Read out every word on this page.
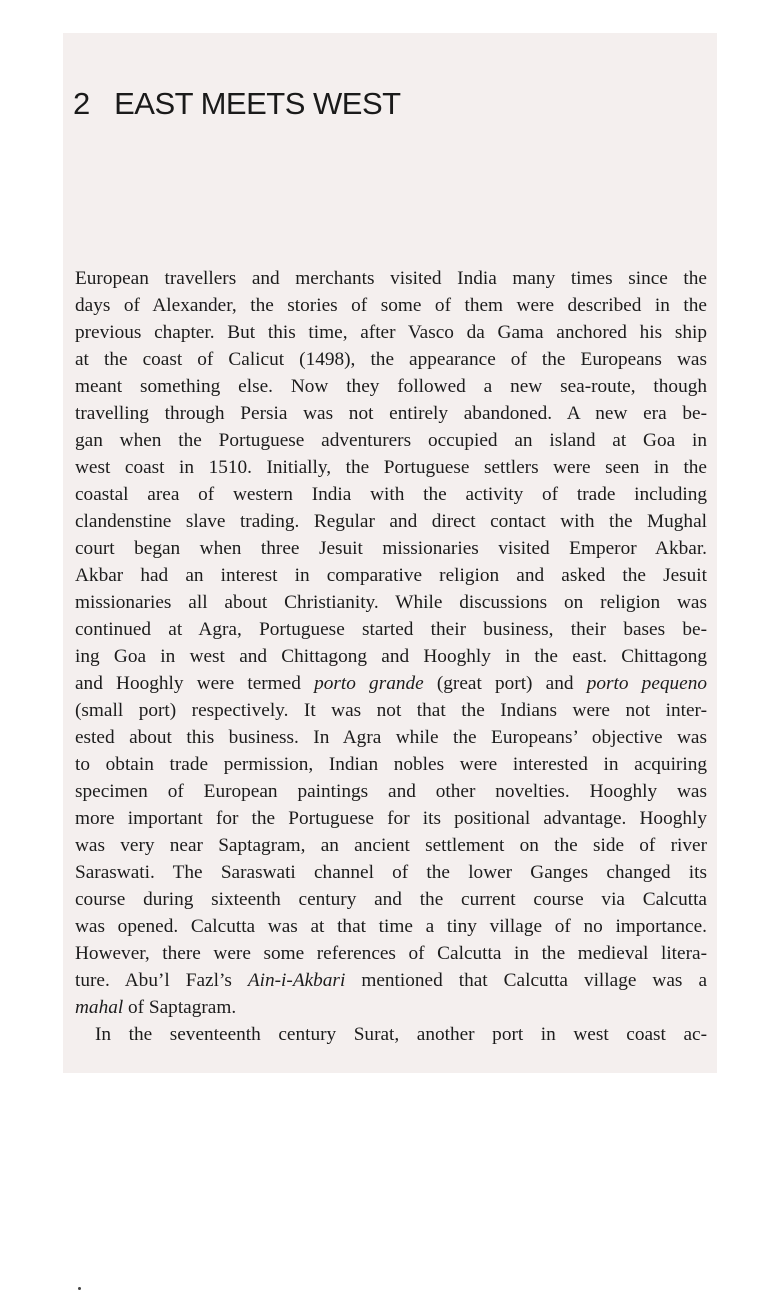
2 EAST MEETS WEST
European travellers and merchants visited India many times since the
days of Alexander, the stories of some of them were described in the
previous chapter. But this time, after Vasco da Gama anchored his ship
at the coast of Calicut (1498), the appearance of the Europeans was
meant something else. Now they followed a new sea-route, though
travelling through Persia was not entirely abandoned. A new era be-
gan when the Portuguese adventurers occupied an island at Goa in
west coast in 1510. Initially, the Portuguese settlers were seen in the
coastal area of western India with the activity of trade including
clandenstine slave trading. Regular and direct contact with the Mughal
court began when three Jesuit missionaries visited Emperor Akbar.
Akbar had an interest in comparative religion and asked the Jesuit
missionaries all about Christianity. While discussions on religion was
continued at Agra, Portuguese started their business, their bases be-
ing Goa in west and Chittagong and Hooghly in the east. Chittagong
and Hooghly were termed porto grande (great port) and porto pequeno
(small port) respectively. It was not that the Indians were not inter-
ested about this business. In Agra while the Europeans’ objective was
to obtain trade permission, Indian nobles were interested in acquiring
specimen of European paintings and other novelties. Hooghly was
more important for the Portuguese for its positional advantage. Hooghly
was very near Saptagram, an ancient settlement on the side of river
Saraswati. The Saraswati channel of the lower Ganges changed its
course during sixteenth century and the current course via Calcutta
was opened. Calcutta was at that time a tiny village of no importance.
However, there were some references of Calcutta in the medieval litera-
ture. Abu’l Fazl’s Ain-i-Akbari mentioned that Calcutta village was a
mahal of Saptagram.
In the seventeenth century Surat, another port in west coast ac-
